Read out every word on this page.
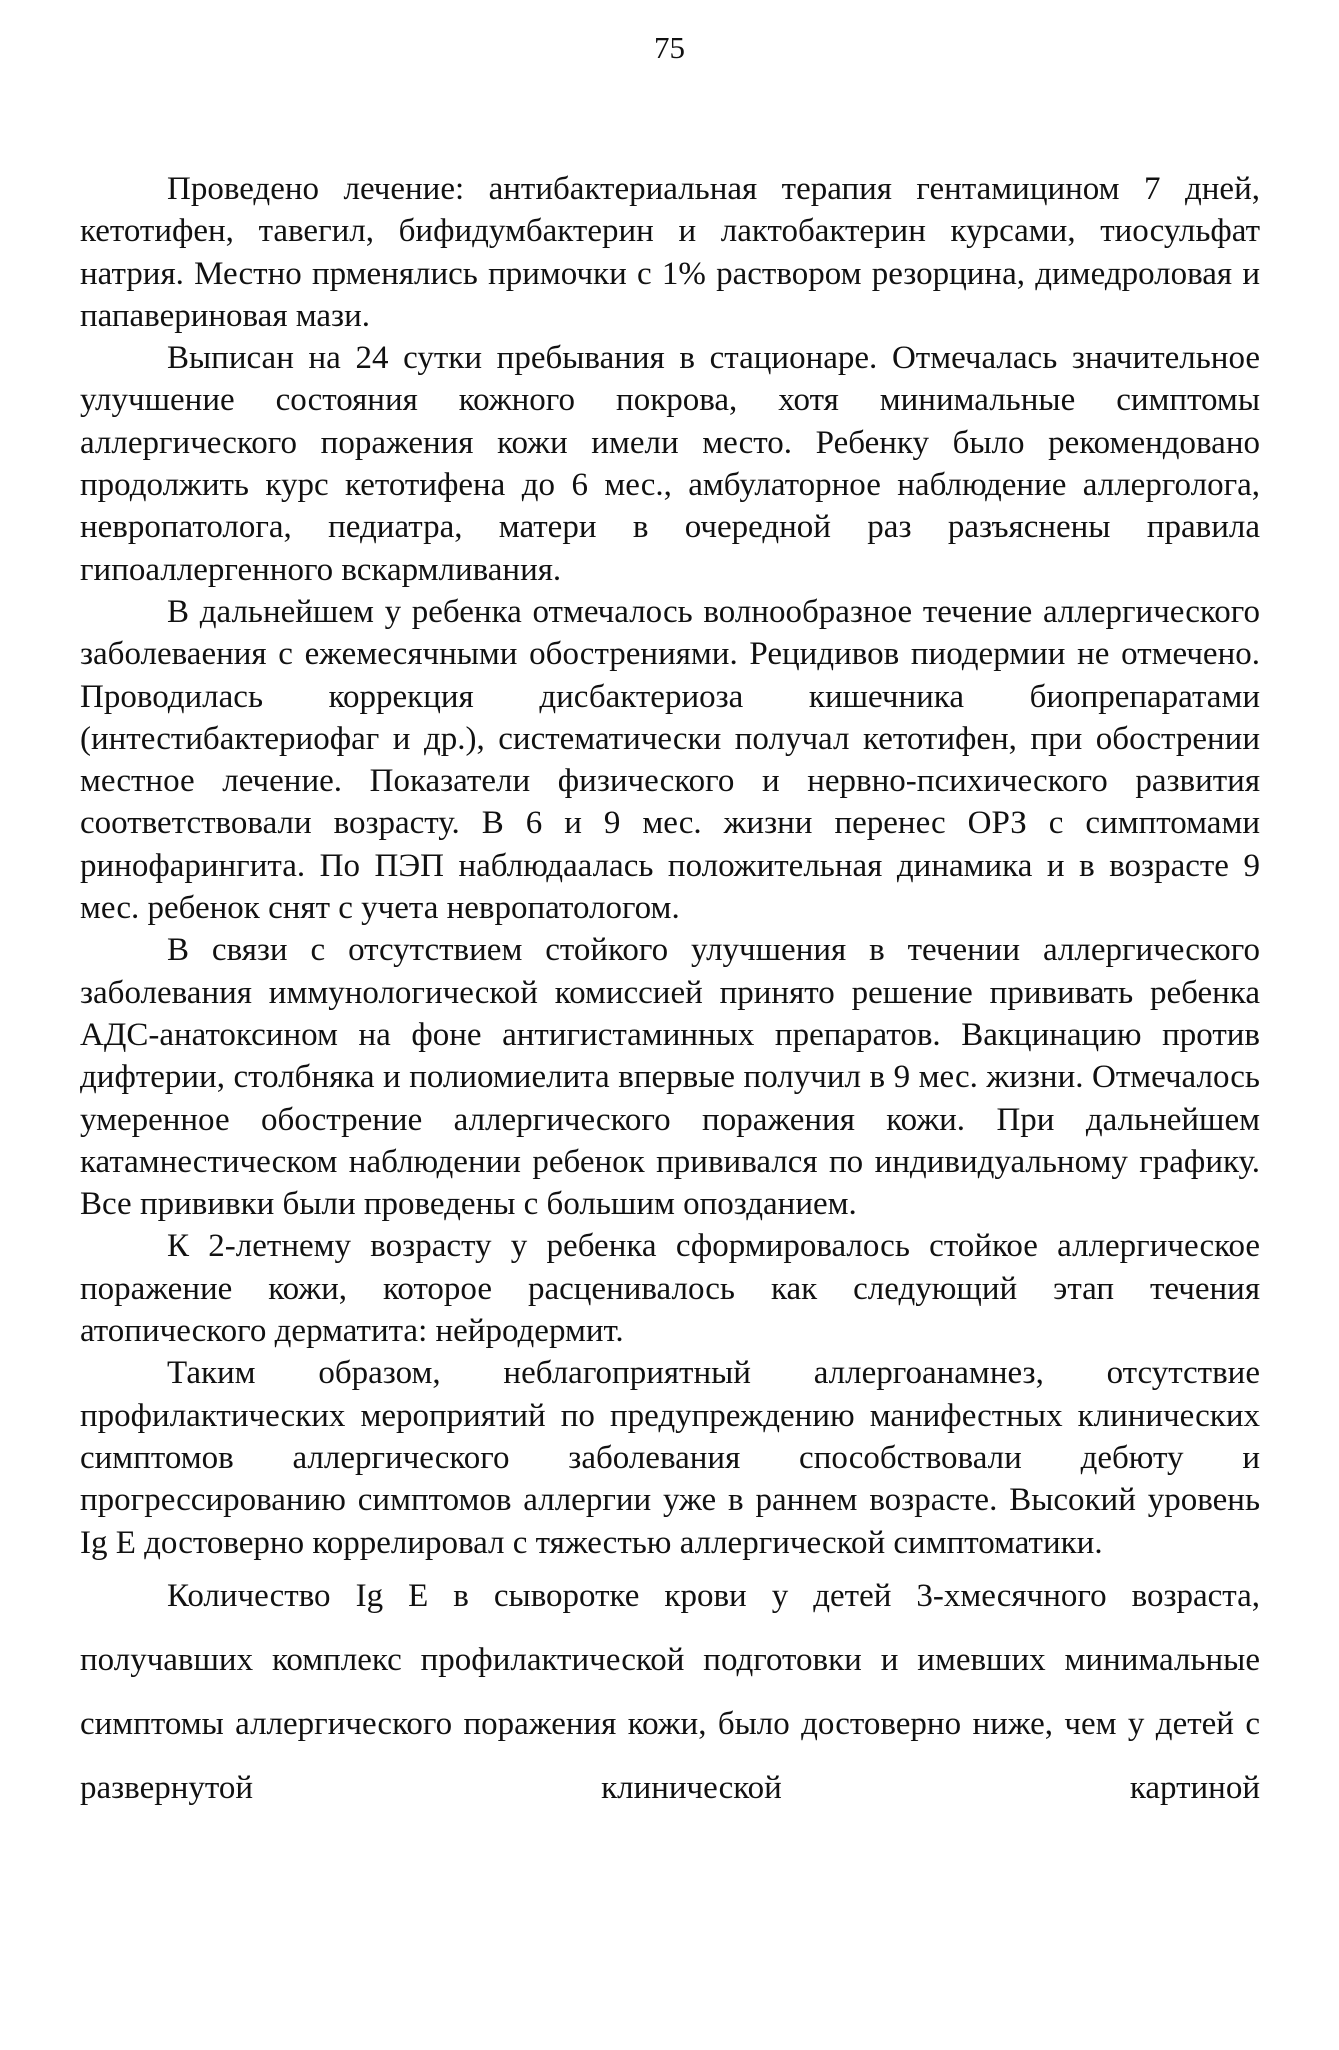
75

Проведено лечение: антибактериальная терапия гентамицином 7 дней, кетотифен, тавегил, бифидумбактерин и лактобактерин курсами, тиосульфат натрия. Местно прменялись примочки с 1% раствором резорцина, димедроловая и папавериновая мази.

Выписан на 24 сутки пребывания в стационаре. Отмечалась значительное улучшение состояния кожного покрова, хотя минимальные симптомы аллергического поражения кожи имели место. Ребенку было рекомендовано продолжить курс кетотифена до 6 мес., амбулаторное наблюдение аллерголога, невропатолога, педиатра, матери в очередной раз разъяснены правила гипоаллергенного вскармливания.

В дальнейшем у ребенка отмечалось волнообразное течение аллергического заболеваения с ежемесячными обострениями. Рецидивов пиодермии не отмечено. Проводилась коррекция дисбактериоза кишечника биопрепаратами (интестибактериофаг и др.), систематически получал кетотифен, при обострении местное лечение. Показатели физического и нервно-психического развития соответствовали возрасту. В 6 и 9 мес. жизни перенес ОРЗ с симптомами ринофарингита. По ПЭП наблюдаалась положительная динамика и в возрасте 9 мес. ребенок снят с учета невропатологом.

В связи с отсутствием стойкого улучшения в течении аллергического заболевания иммунологической комиссией принято решение прививать ребенка АДС-анатоксином на фоне антигистаминных препаратов. Вакцинацию против дифтерии, столбняка и полиомиелита впервые получил в 9 мес. жизни. Отмечалось умеренное обострение аллергического поражения кожи. При дальнейшем катамнестическом наблюдении ребенок прививался по индивидуальному графику. Все прививки были проведены с большим опозданием.

К 2-летнему возрасту у ребенка сформировалось стойкое аллергическое поражение кожи, которое расценивалось как следующий этап течения атопического дерматита: нейродермит.

Таким образом, неблагоприятный аллергоанамнез, отсутствие профилактических мероприятий по предупреждению манифестных клинических симптомов аллергического заболевания способствовали дебюту и прогрессированию симптомов аллергии уже в раннем возрасте. Высокий уровень Ig E достоверно коррелировал с тяжестью аллергической симптоматики.

Количество Ig E в сыворотке крови у детей 3-хмесячного возраста, получавших комплекс профилактической подготовки и имевших минимальные симптомы аллергического поражения кожи, было достоверно ниже, чем у детей с развернутой клинической картиной
